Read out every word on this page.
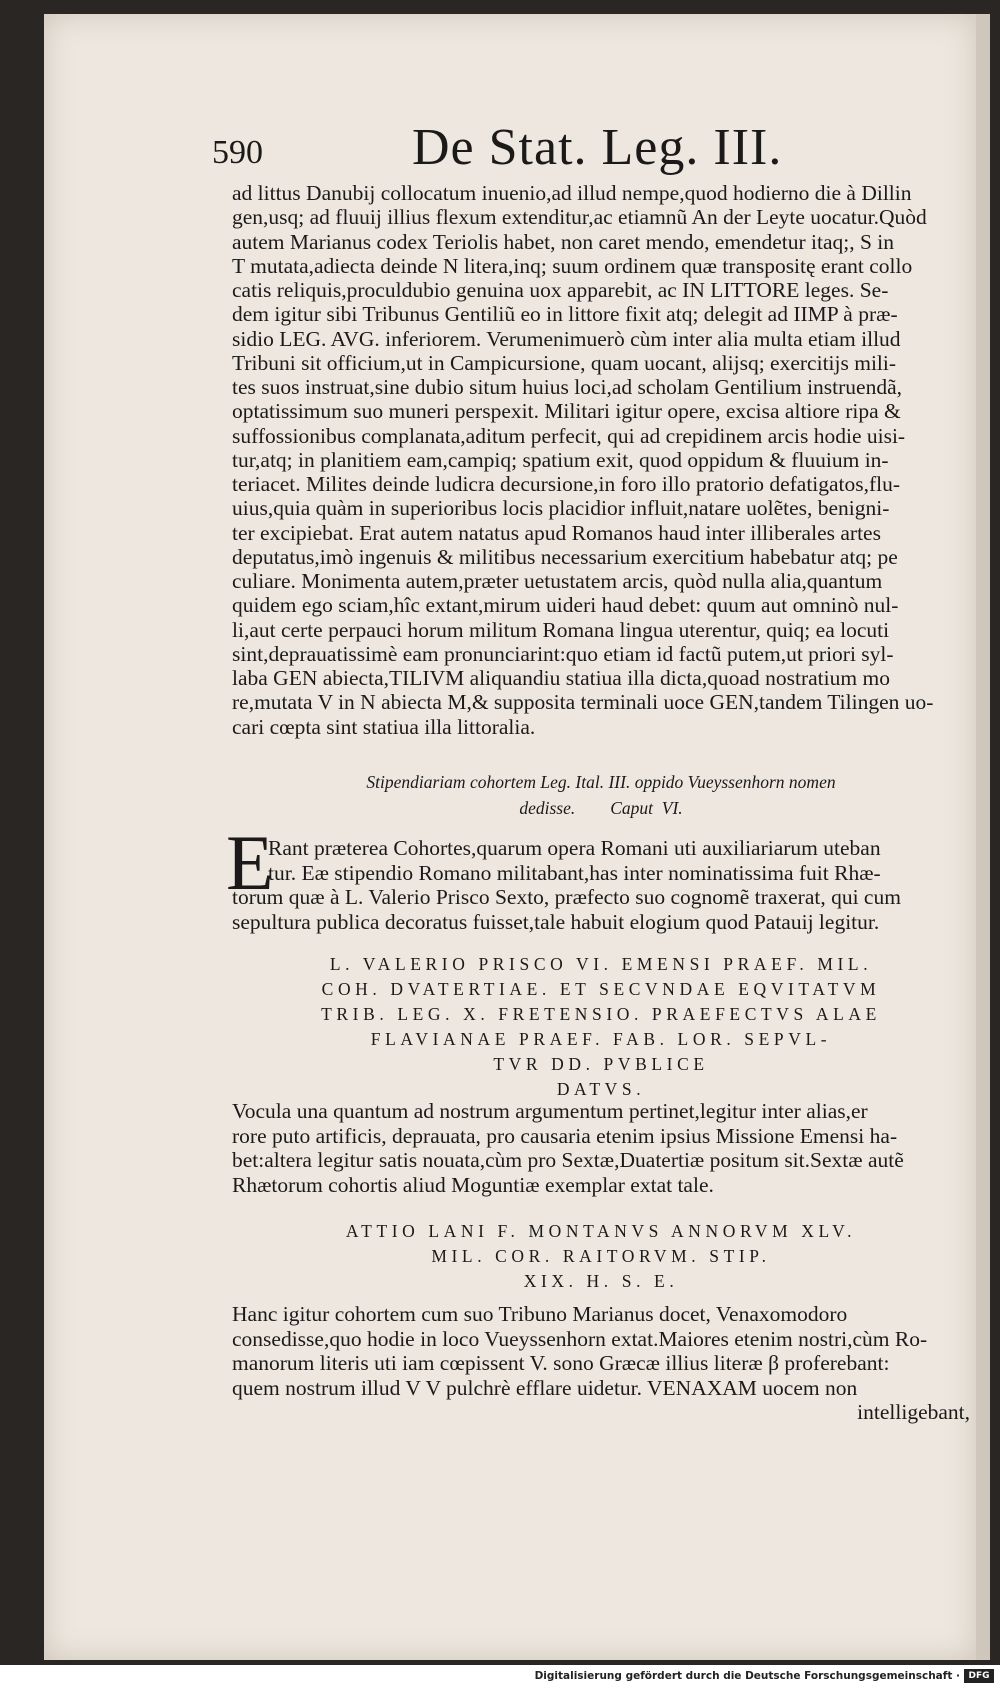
590	De Stat. Leg. III.
ad littus Danubij collocatum inuenio,ad illud nempe,quod hodierno die à Dillin
gen,usq; ad fluuij illius flexum extenditur,ac etiamnũ An der Leyte uocatur.Quòd
autem Marianus codex Teriolis habet, non caret mendo, emendetur itaq;, S in
T mutata,adiecta deinde N litera,inq; suum ordinem quæ transpositę erant collo
catis reliquis,proculdubio genuina uox apparebit, ac IN LITTORE leges. Se-
dem igitur sibi Tribunus Gentiliũ eo in littore fixit atq; delegit ad IIMP à præ-
sidio LEG. AVG. inferiorem. Verumenimuerò cùm inter alia multa etiam illud
Tribuni sit officium,ut in Campicursione, quam uocant, alijsq; exercitijs mili-
tes suos instruat,sine dubio situm huius loci,ad scholam Gentilium instruendã,
optatissimum suo muneri perspexit. Militari igitur opere, excisa altiore ripa &
suffossionibus complanata,aditum perfecit, qui ad crepidinem arcis hodie uisi-
tur,atq; in planitiem eam,campiq; spatium exit, quod oppidum & fluuium in-
teriacet. Milites deinde ludicra decursione,in foro illo pratorio defatigatos,flu-
uius,quia quàm in superioribus locis placidior influit,natare uolẽtes, benigni-
ter excipiebat. Erat autem natatus apud Romanos haud inter illiberales artes
deputatus,imò ingenuis & militibus necessarium exercitium habebatur atq; pe
culiare. Monimenta autem,præter uetustatem arcis, quòd nulla alia,quantum
quidem ego sciam,hîc extant,mirum uideri haud debet: quum aut omninò nul-
li,aut certe perpauci horum militum Romana lingua uterentur, quiq; ea locuti
sint,deprauatissimè eam pronunciarint:quo etiam id factũ putem,ut priori syl-
laba GEN abiecta,TILIVM aliquandiu statiua illa dicta,quoad nostratium mo
re,mutata V in N abiecta M,& supposita terminali uoce GEN,tandem Tilingen uo-
cari cœpta sint statiua illa littoralia.
Stipendiariam cohortem Leg. Ital. III. oppido Vueyssenhorn nomen
dedisse.        Caput  VI.
E
Rant præterea Cohortes,quarum opera Romani uti auxiliariarum uteban
tur. Eæ stipendio Romano militabant,has inter nominatissima fuit Rhæ-
torum quæ à L. Valerio Prisco Sexto, præfecto suo cognomẽ traxerat, qui cum
sepultura publica decoratus fuisset,tale habuit elogium quod Patauij legitur.
L. VALERIO PRISCO VI. EMENSI PRAEF. MIL.
COH. DVATERTIAE. ET SECVNDAE EQVITATVM
TRIB. LEG. X. FRETENSIO. PRAEFECTVS ALAE
FLAVIANAE PRAEF. FAB. LOR. SEPVL-
TVR DD. PVBLICE
DATVS.
Vocula una quantum ad nostrum argumentum pertinet,legitur inter alias,er
rore puto artificis, deprauata, pro causaria etenim ipsius Missione Emensi ha-
bet:altera legitur satis nouata,cùm pro Sextæ,Duatertiæ positum sit.Sextæ autẽ
Rhætorum cohortis aliud Moguntiæ exemplar extat tale.
ATTIO LANI F. MONTANVS ANNORVM XLV.
MIL. COR. RAITORVM. STIP.
XIX. H. S. E.
Hanc igitur cohortem cum suo Tribuno Marianus docet, Venaxomodoro
consedisse,quo hodie in loco Vueyssenhorn extat.Maiores etenim nostri,cùm Ro-
manorum literis uti iam cœpissent V. sono Græcæ illius literæ β proferebant:
quem nostrum illud V V pulchrè efflare uidetur. VENAXAM uocem non
intelligebant,
Digitalisierung gefördert durch die Deutsche Forschungsgemeinschaft · DFG
